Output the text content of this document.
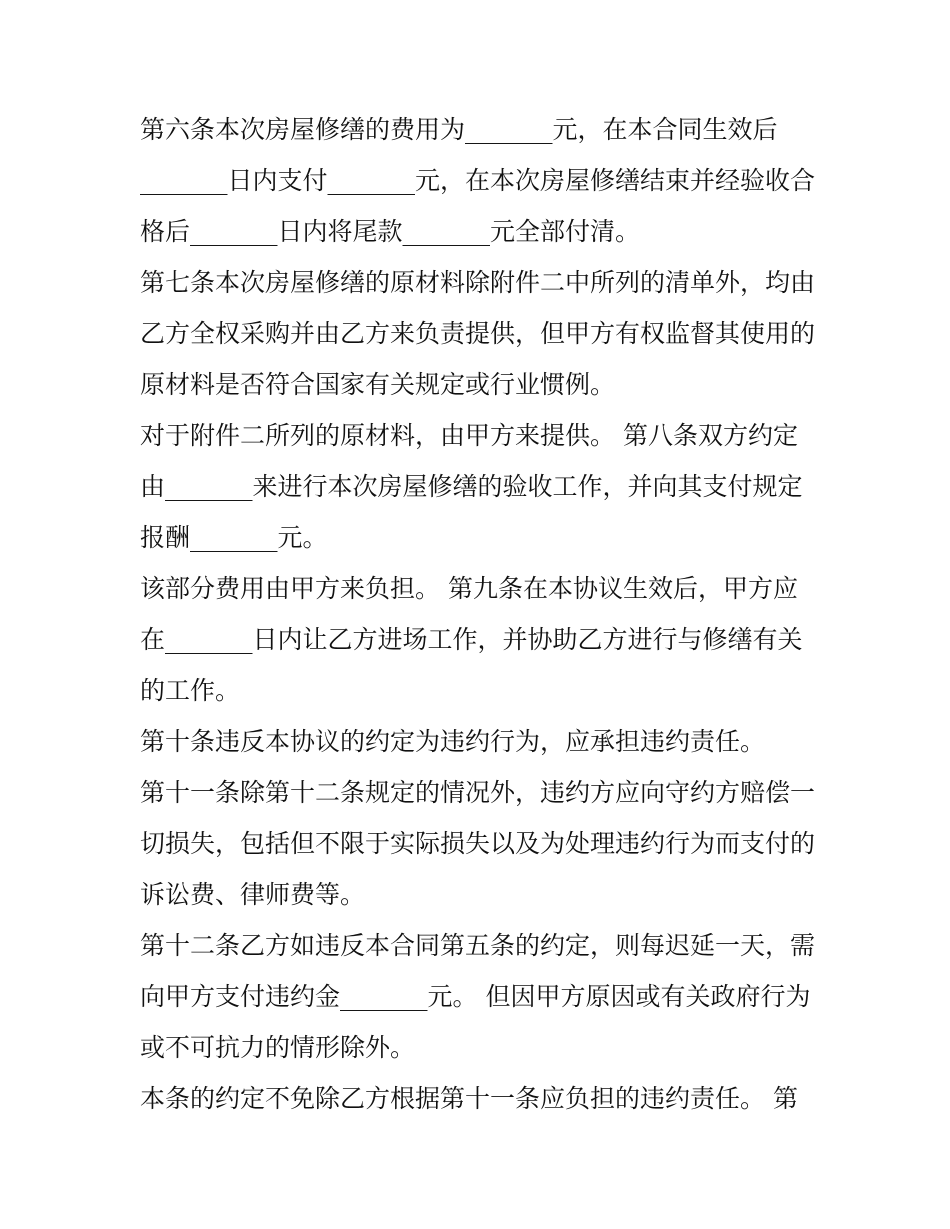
第六条本次房屋修缮的费用为_______元，在本合同生效后
_______日内支付_______元，在本次房屋修缮结束并经验收合
格后_______日内将尾款_______元全部付清。
第七条本次房屋修缮的原材料除附件二中所列的清单外，均由
乙方全权采购并由乙方来负责提供，但甲方有权监督其使用的
原材料是否符合国家有关规定或行业惯例。
对于附件二所列的原材料，由甲方来提供。 第八条双方约定
由_______来进行本次房屋修缮的验收工作，并向其支付规定
报酬_______元。
该部分费用由甲方来负担。 第九条在本协议生效后，甲方应
在_______日内让乙方进场工作，并协助乙方进行与修缮有关
的工作。
第十条违反本协议的约定为违约行为，应承担违约责任。
第十一条除第十二条规定的情况外，违约方应向守约方赔偿一
切损失，包括但不限于实际损失以及为处理违约行为而支付的
诉讼费、律师费等。
第十二条乙方如违反本合同第五条的约定，则每迟延一天，需
向甲方支付违约金_______元。 但因甲方原因或有关政府行为
或不可抗力的情形除外。
本条的约定不免除乙方根据第十一条应负担的违约责任。 第
